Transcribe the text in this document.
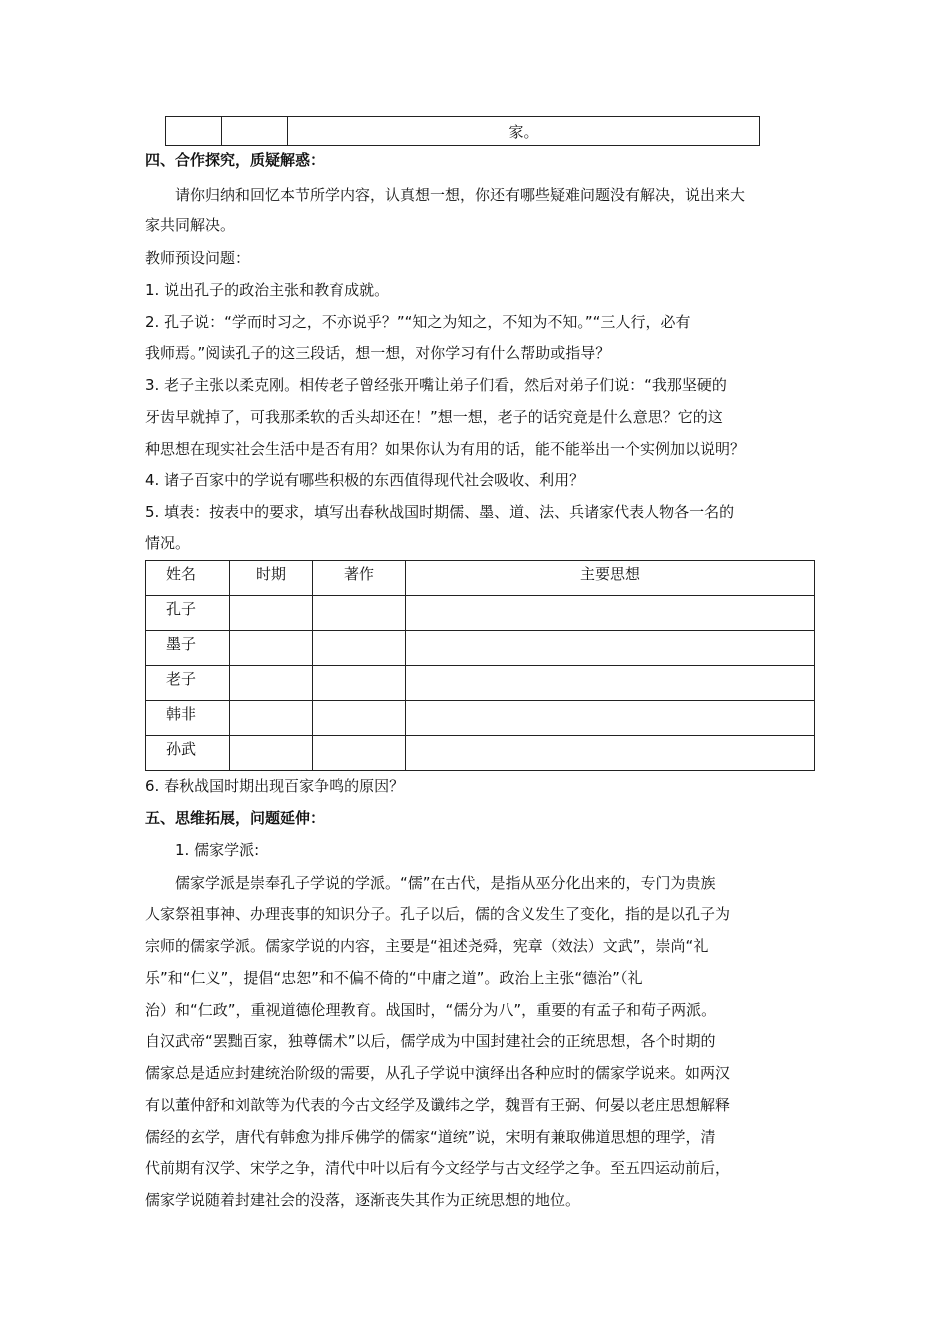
		家。
四、合作探究，质疑解惑：
请你归纳和回忆本节所学内容，认真想一想，你还有哪些疑难问题没有解决，说出来大
家共同解决。
教师预设问题：
1. 说出孔子的政治主张和教育成就。
2. 孔子说：“学而时习之，不亦说乎？”“知之为知之，不知为不知。”“三人行，必有
我师焉。”阅读孔子的这三段话，想一想，对你学习有什么帮助或指导？
3. 老子主张以柔克刚。相传老子曾经张开嘴让弟子们看，然后对弟子们说：“我那坚硬的
牙齿早就掉了，可我那柔软的舌头却还在！”想一想，老子的话究竟是什么意思？它的这
种思想在现实社会生活中是否有用？如果你认为有用的话，能不能举出一个实例加以说明？
4. 诸子百家中的学说有哪些积极的东西值得现代社会吸收、利用？
5. 填表：按表中的要求，填写出春秋战国时期儒、墨、道、法、兵诸家代表人物各一名的
情况。
姓名	时期	著作	主要思想
孔子			
墨子			
老子			
韩非			
孙武			
6. 春秋战国时期出现百家争鸣的原因？
五、思维拓展，问题延伸：
1. 儒家学派:
儒家学派是崇奉孔子学说的学派。“儒”在古代，是指从巫分化出来的，专门为贵族
人家祭祖事神、办理丧事的知识分子。孔子以后，儒的含义发生了变化，指的是以孔子为
宗师的儒家学派。儒家学说的内容，主要是“祖述尧舜，宪章（效法）文武”，崇尚“礼
乐”和“仁义”，提倡“忠恕”和不偏不倚的“中庸之道”。政治上主张“德治”（礼
治）和“仁政”，重视道德伦理教育。战国时，“儒分为八”，重要的有孟子和荀子两派。
自汉武帝“罢黜百家，独尊儒术”以后，儒学成为中国封建社会的正统思想，各个时期的
儒家总是适应封建统治阶级的需要，从孔子学说中演绎出各种应时的儒家学说来。如两汉
有以董仲舒和刘歆等为代表的今古文经学及谶纬之学，魏晋有王弼、何晏以老庄思想解释
儒经的玄学，唐代有韩愈为排斥佛学的儒家“道统”说，宋明有兼取佛道思想的理学，清
代前期有汉学、宋学之争，清代中叶以后有今文经学与古文经学之争。至五四运动前后，
儒家学说随着封建社会的没落，逐渐丧失其作为正统思想的地位。
